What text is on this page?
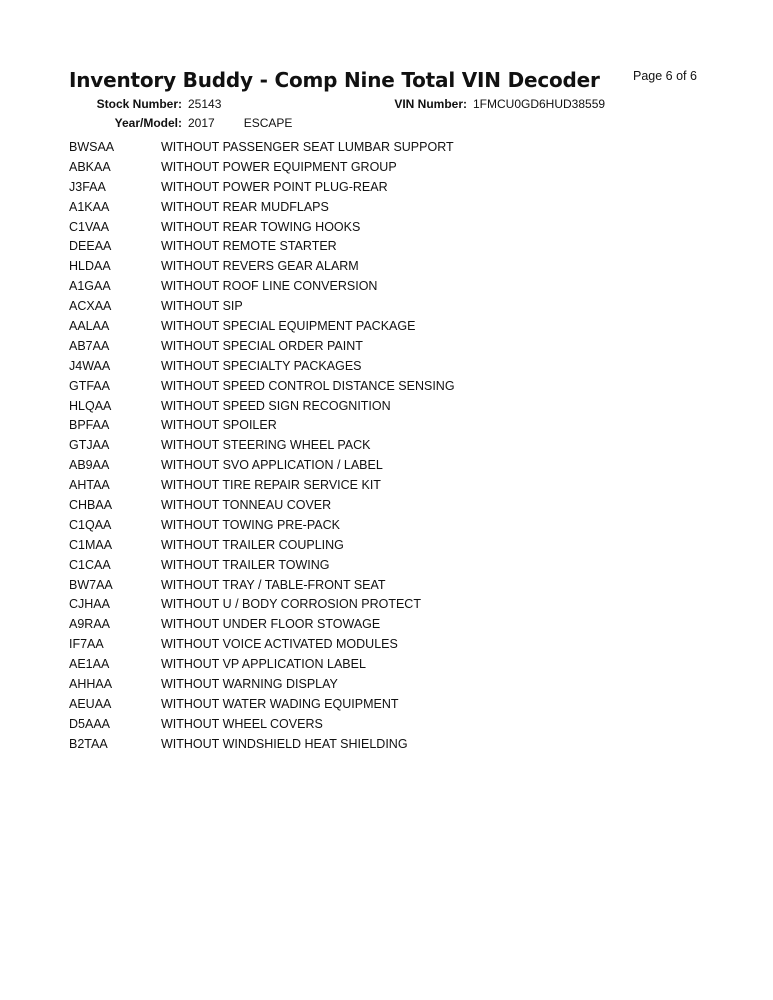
Inventory Buddy - Comp Nine Total VIN Decoder	Page 6 of 6
Stock Number: 25143	VIN Number: 1FMCU0GD6HUD38559
Year/Model: 2017 ESCAPE
BWSAA	WITHOUT PASSENGER SEAT LUMBAR SUPPORT
ABKAA	WITHOUT POWER EQUIPMENT GROUP
J3FAA	WITHOUT POWER POINT PLUG-REAR
A1KAA	WITHOUT REAR MUDFLAPS
C1VAA	WITHOUT REAR TOWING HOOKS
DEEAA	WITHOUT REMOTE STARTER
HLDAA	WITHOUT REVERS GEAR ALARM
A1GAA	WITHOUT ROOF LINE CONVERSION
ACXAA	WITHOUT SIP
AALAA	WITHOUT SPECIAL EQUIPMENT PACKAGE
AB7AA	WITHOUT SPECIAL ORDER PAINT
J4WAA	WITHOUT SPECIALTY PACKAGES
GTFAA	WITHOUT SPEED CONTROL DISTANCE SENSING
HLQAA	WITHOUT SPEED SIGN RECOGNITION
BPFAA	WITHOUT SPOILER
GTJAA	WITHOUT STEERING WHEEL PACK
AB9AA	WITHOUT SVO APPLICATION / LABEL
AHTAA	WITHOUT TIRE REPAIR SERVICE KIT
CHBAA	WITHOUT TONNEAU COVER
C1QAA	WITHOUT TOWING PRE-PACK
C1MAA	WITHOUT TRAILER COUPLING
C1CAA	WITHOUT TRAILER TOWING
BW7AA	WITHOUT TRAY / TABLE-FRONT SEAT
CJHAA	WITHOUT U / BODY CORROSION PROTECT
A9RAA	WITHOUT UNDER FLOOR STOWAGE
IF7AA	WITHOUT VOICE ACTIVATED MODULES
AE1AA	WITHOUT VP APPLICATION LABEL
AHHAA	WITHOUT WARNING DISPLAY
AEUAA	WITHOUT WATER WADING EQUIPMENT
D5AAA	WITHOUT WHEEL COVERS
B2TAA	WITHOUT WINDSHIELD HEAT SHIELDING
